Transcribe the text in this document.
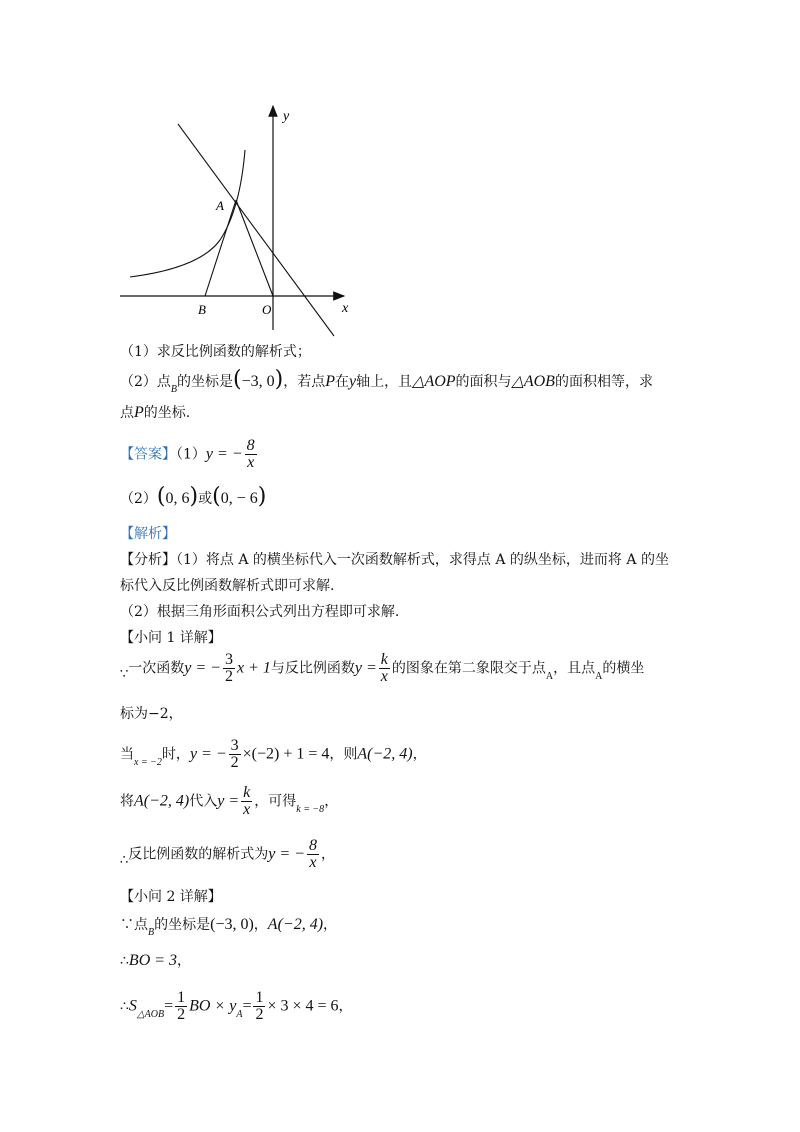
y
x
A
B	O
（1）求反比例函数的解析式；
（2）点$_B$的坐标是(−3, 0)，若点P在y轴上，且△AOP的面积与△AOB的面积相等，求
点P的坐标.
【答案】（1）y = − $\frac{8}{x}$
（2）(0, 6)或(0, − 6)
【解析】
【分析】（1）将点 A 的横坐标代入一次函数解析式，求得点 A 的纵坐标，进而将 A 的坐
标代入反比例函数解析式即可求解.
（2）根据三角形面积公式列出方程即可求解.
【小问 1 详解】
∵一次函数y = − $\frac{3}{2}$ x + 1与反比例函数$y = \frac{k}{x}$ 的图象在第二象限交于点$_A$，且点$_A$的横坐
标为−2，
当$_{x = -2}$时，y = − $\frac{3}{2} \times(-2) + 1 = 4$，则A(−2, 4)，
将A(−2, 4)代入$y = \frac{k}{x}$ ，可得$_{k = -8}$，
∴反比例函数的解析式为y = − $\frac{8}{x}$ ，
【小问 2 详解】
∵点$_B$的坐标是(−3, 0)，A(−2, 4)，
∴BO = 3，
$\therefore S_{\triangle AOB}= \frac{1}{2}$ BO × $y_A= \frac{1}{2} \times 3 \times 4 = 6$，
